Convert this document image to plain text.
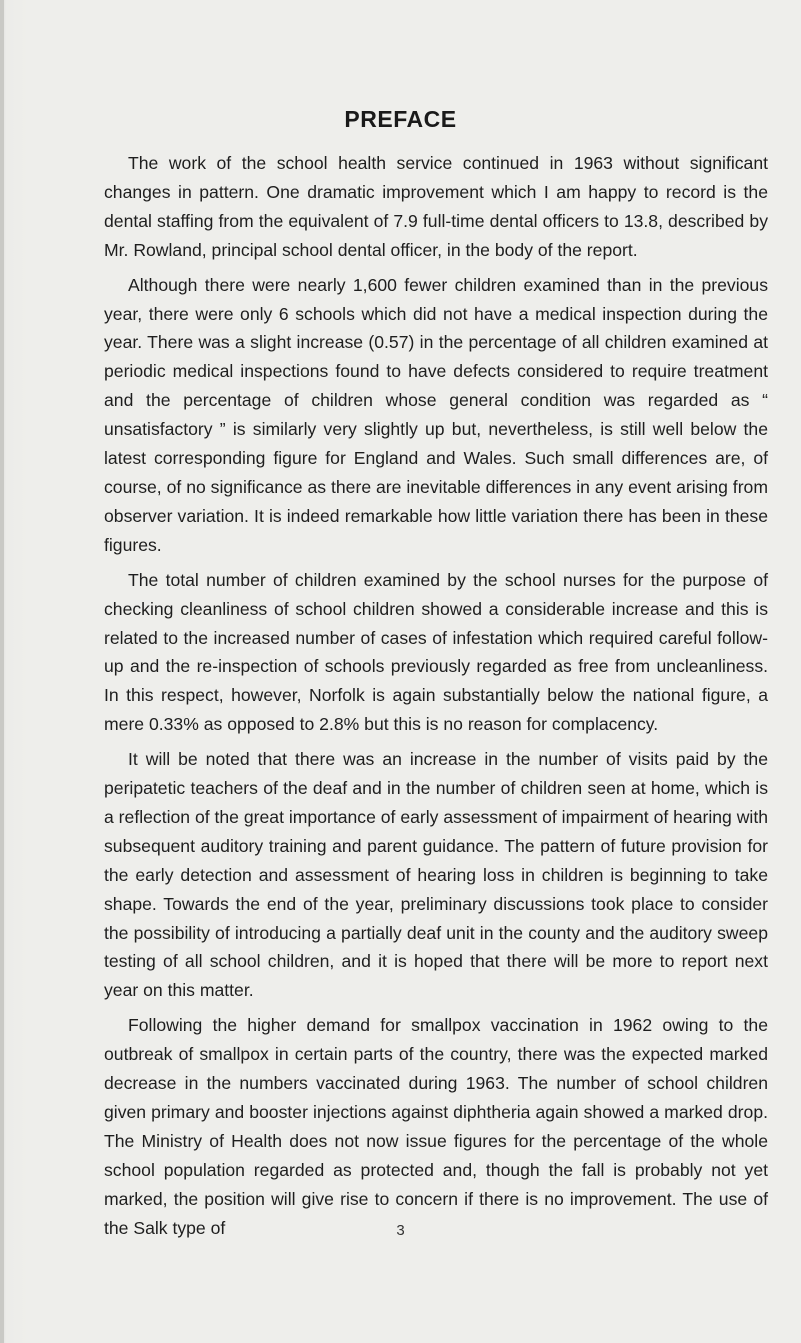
PREFACE

The work of the school health service continued in 1963 without significant changes in pattern. One dramatic improvement which I am happy to record is the dental staffing from the equivalent of 7.9 full-time dental officers to 13.8, described by Mr. Rowland, principal school dental officer, in the body of the report.

Although there were nearly 1,600 fewer children examined than in the previous year, there were only 6 schools which did not have a medical inspection during the year. There was a slight increase (0.57) in the percentage of all children examined at periodic medical inspections found to have defects considered to require treatment and the percentage of children whose general condition was regarded as “ unsatisfactory ” is similarly very slightly up but, nevertheless, is still well below the latest corresponding figure for England and Wales. Such small differences are, of course, of no significance as there are inevitable differences in any event arising from observer variation. It is indeed remarkable how little variation there has been in these figures.

The total number of children examined by the school nurses for the purpose of checking cleanliness of school children showed a considerable increase and this is related to the increased number of cases of infestation which required careful follow-up and the re-inspection of schools previously regarded as free from uncleanliness. In this respect, however, Norfolk is again substantially below the national figure, a mere 0.33% as opposed to 2.8% but this is no reason for complacency.

It will be noted that there was an increase in the number of visits paid by the peripatetic teachers of the deaf and in the number of children seen at home, which is a reflection of the great importance of early assessment of impairment of hearing with subsequent auditory training and parent guidance. The pattern of future provision for the early detection and assessment of hearing loss in children is beginning to take shape. Towards the end of the year, preliminary discussions took place to consider the possibility of introducing a partially deaf unit in the county and the auditory sweep testing of all school children, and it is hoped that there will be more to report next year on this matter.

Following the higher demand for smallpox vaccination in 1962 owing to the outbreak of smallpox in certain parts of the country, there was the expected marked decrease in the numbers vaccinated during 1963. The number of school children given primary and booster injections against diphtheria again showed a marked drop. The Ministry of Health does not now issue figures for the percentage of the whole school population regarded as protected and, though the fall is probably not yet marked, the position will give rise to concern if there is no improvement. The use of the Salk type of	3
